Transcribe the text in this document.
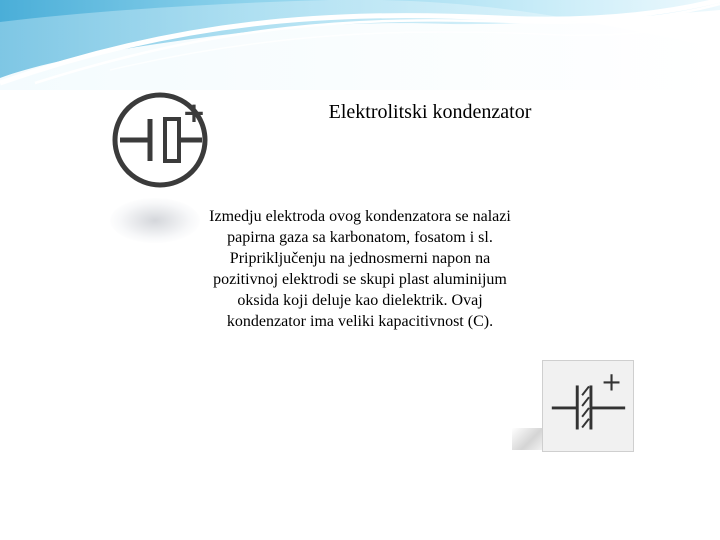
+	Elektrolitski kondenzator

Izmedju elektroda ovog kondenzatora se nalazi
papirna gaza sa karbonatom, fosatom i sl.
Pripriključenju na jednosmerni napon na
pozitivnoj elektrodi se skupi plast aluminijum
oksida koji deluje kao dielektrik. Ovaj
kondenzator ima veliki kapacitivnost (C).

+
